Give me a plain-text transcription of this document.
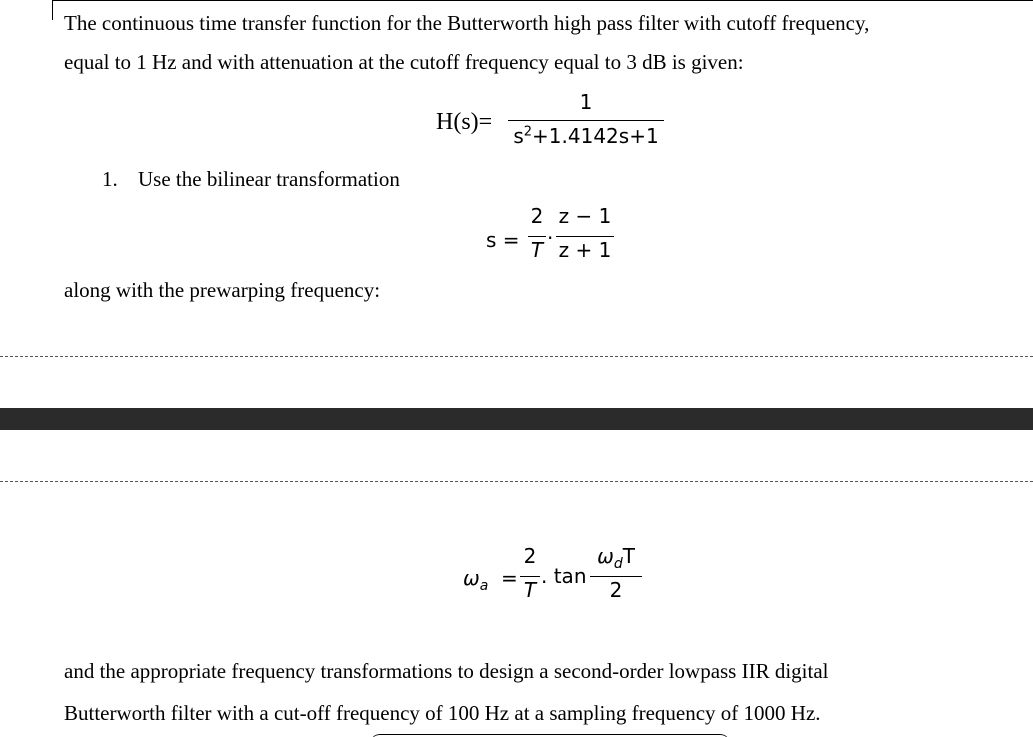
The continuous time transfer function for the Butterworth high pass filter with cutoff frequency,
equal to 1 Hz and with attenuation at the cutoff frequency equal to 3 dB is given:
H(s)=
1
$s^2+1.4142s+1$
1. Use the bilinear transformation
s =
2
T ·
z − 1
z + 1
along with the prewarping frequency:
$\omega_a$ =
2
T
. tan
$\omega_dT$
2
and the appropriate frequency transformations to design a second-order lowpass IIR digital
Butterworth filter with a cut-off frequency of 100 Hz at a sampling frequency of 1000 Hz.
